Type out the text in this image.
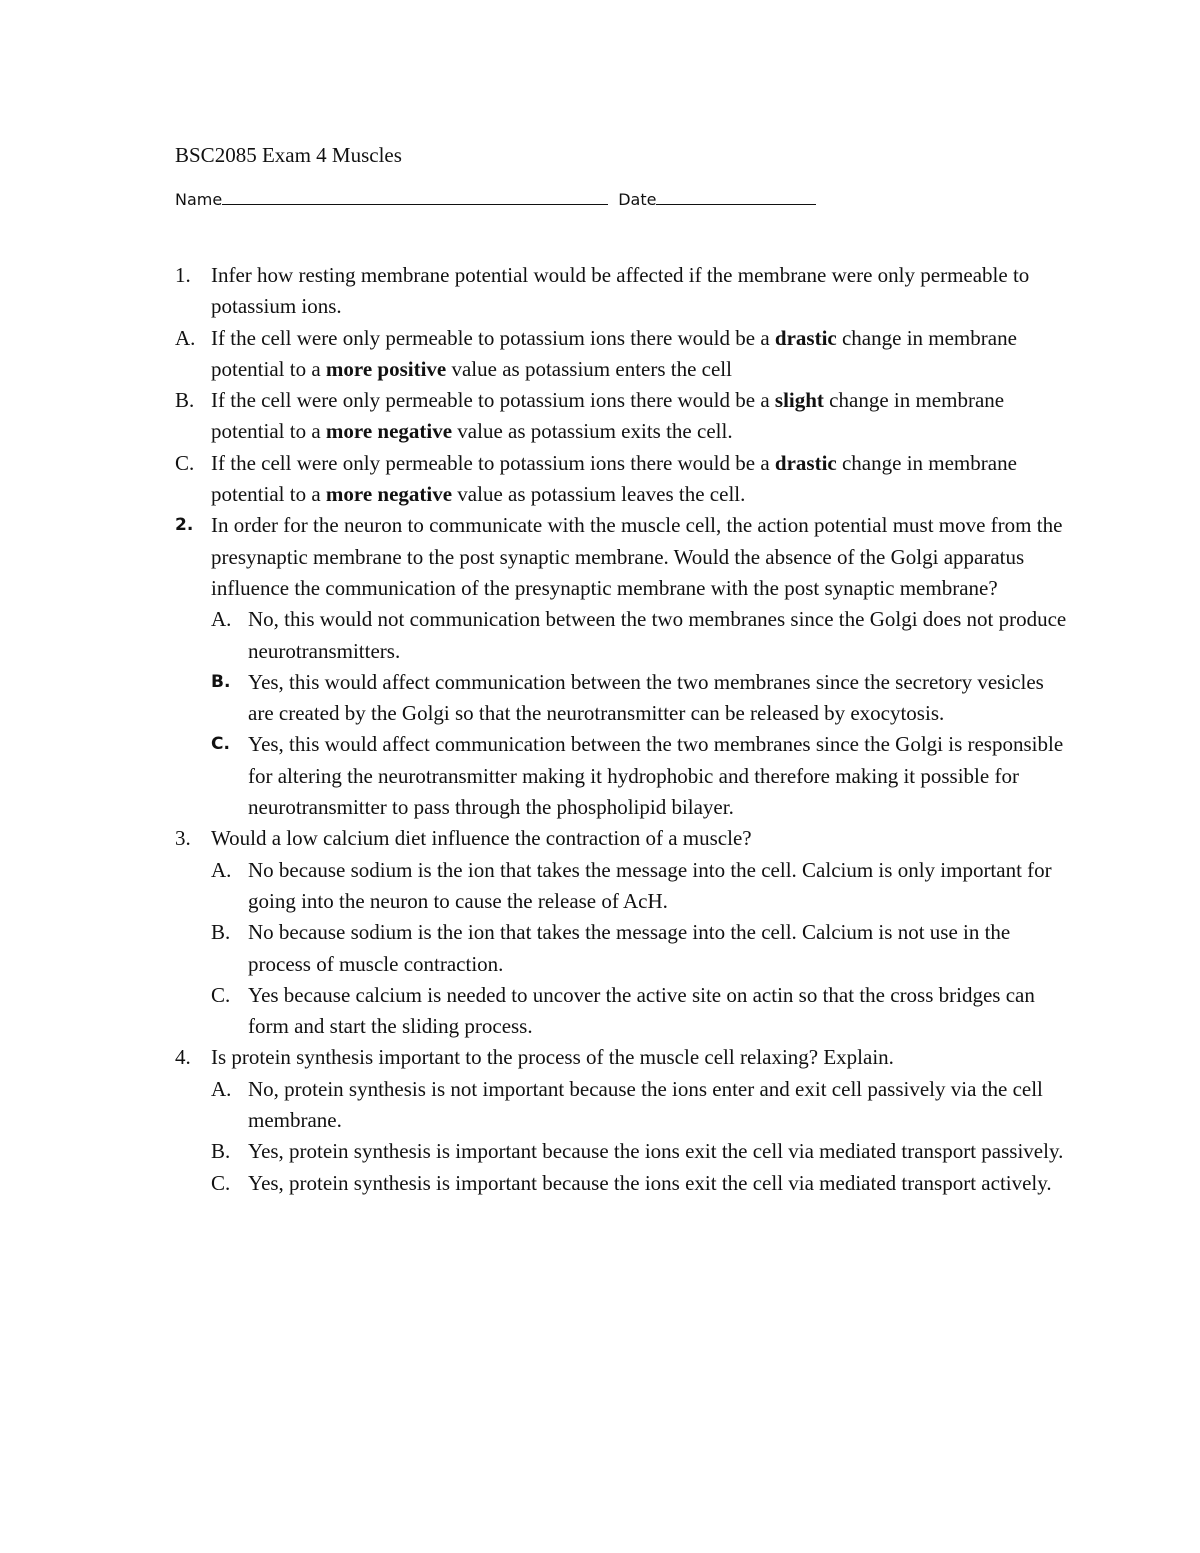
BSC2085 Exam 4 Muscles
Name	Date
1. Infer how resting membrane potential would be affected if the membrane were only permeable to potassium ions.
A. If the cell were only permeable to potassium ions there would be a drastic change in membrane potential to a more positive value as potassium enters the cell
B. If the cell were only permeable to potassium ions there would be a slight change in membrane potential to a more negative value as potassium exits the cell.
C. If the cell were only permeable to potassium ions there would be a drastic change in membrane potential to a more negative value as potassium leaves the cell.
2. In order for the neuron to communicate with the muscle cell, the action potential must move from the presynaptic membrane to the post synaptic membrane. Would the absence of the Golgi apparatus influence the communication of the presynaptic membrane with the post synaptic membrane?
A. No, this would not communication between the two membranes since the Golgi does not produce neurotransmitters.
B. Yes, this would affect communication between the two membranes since the secretory vesicles are created by the Golgi so that the neurotransmitter can be released by exocytosis.
C. Yes, this would affect communication between the two membranes since the Golgi is responsible for altering the neurotransmitter making it hydrophobic and therefore making it possible for neurotransmitter to pass through the phospholipid bilayer.
3. Would a low calcium diet influence the contraction of a muscle?
A. No because sodium is the ion that takes the message into the cell. Calcium is only important for going into the neuron to cause the release of AcH.
B. No because sodium is the ion that takes the message into the cell. Calcium is not use in the process of muscle contraction.
C. Yes because calcium is needed to uncover the active site on actin so that the cross bridges can form and start the sliding process.
4. Is protein synthesis important to the process of the muscle cell relaxing? Explain.
A. No, protein synthesis is not important because the ions enter and exit cell passively via the cell membrane.
B. Yes, protein synthesis is important because the ions exit the cell via mediated transport passively.
C. Yes, protein synthesis is important because the ions exit the cell via mediated transport actively.
